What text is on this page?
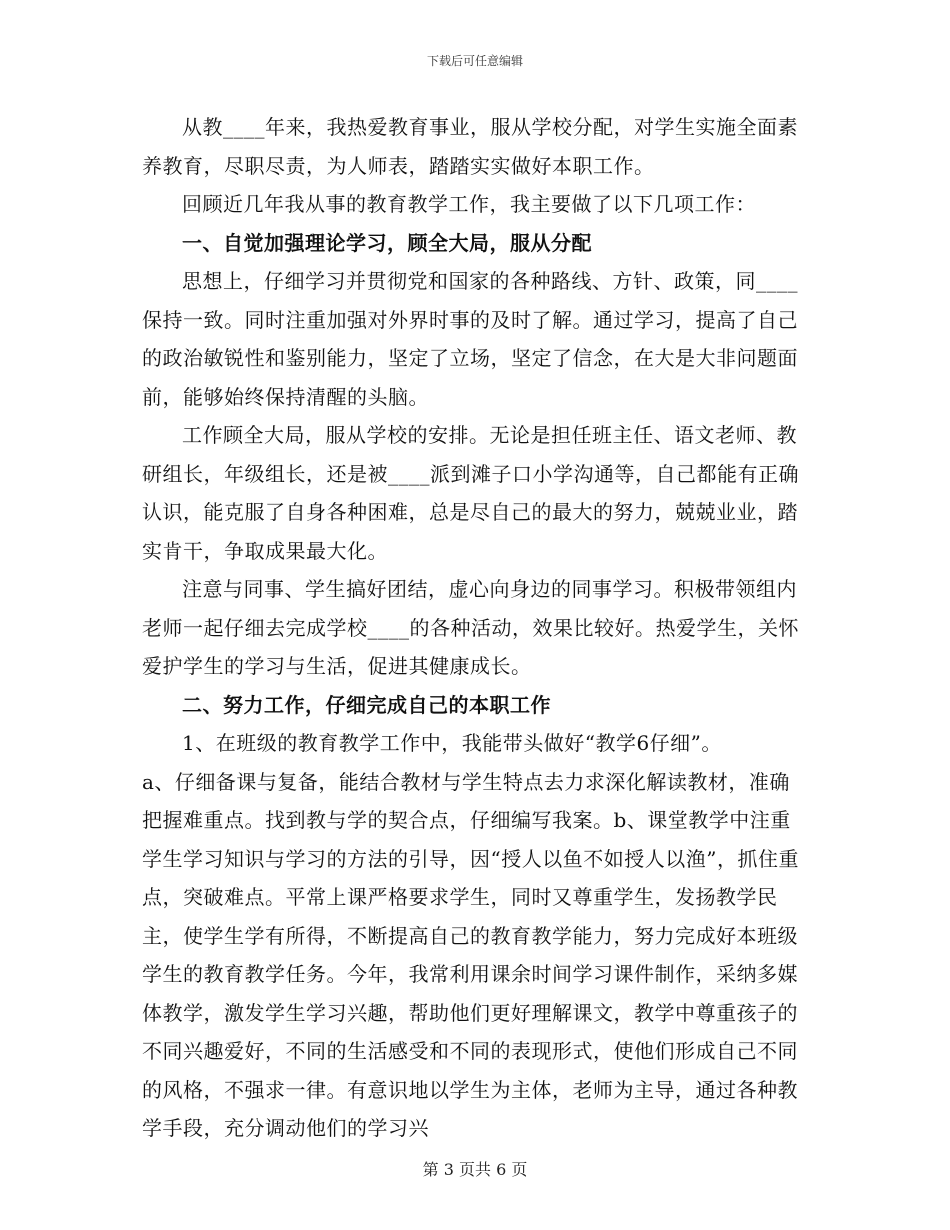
下载后可任意编辑

从教____年来，我热爱教育事业，服从学校分配，对学生实施全面素养教育，尽职尽责，为人师表，踏踏实实做好本职工作。

回顾近几年我从事的教育教学工作，我主要做了以下几项工作：

一、自觉加强理论学习，顾全大局，服从分配

思想上，仔细学习并贯彻党和国家的各种路线、方针、政策，同____保持一致。同时注重加强对外界时事的及时了解。通过学习，提高了自己的政治敏锐性和鉴别能力，坚定了立场，坚定了信念，在大是大非问题面前，能够始终保持清醒的头脑。

工作顾全大局，服从学校的安排。无论是担任班主任、语文老师、教研组长，年级组长，还是被____派到滩子口小学沟通等，自己都能有正确认识，能克服了自身各种困难，总是尽自己的最大的努力，兢兢业业，踏实肯干，争取成果最大化。

注意与同事、学生搞好团结，虚心向身边的同事学习。积极带领组内老师一起仔细去完成学校____的各种活动，效果比较好。热爱学生，关怀爱护学生的学习与生活，促进其健康成长。

二、努力工作，仔细完成自己的本职工作

1、在班级的教育教学工作中，我能带头做好“教学6仔细”。

a、仔细备课与复备，能结合教材与学生特点去力求深化解读教材，准确把握难重点。找到教与学的契合点，仔细编写我案。b、课堂教学中注重学生学习知识与学习的方法的引导，因“授人以鱼不如授人以渔”，抓住重点，突破难点。平常上课严格要求学生，同时又尊重学生，发扬教学民主，使学生学有所得，不断提高自己的教育教学能力，努力完成好本班级学生的教育教学任务。今年，我常利用课余时间学习课件制作，采纳多媒体教学，激发学生学习兴趣，帮助他们更好理解课文，教学中尊重孩子的不同兴趣爱好，不同的生活感受和不同的表现形式，使他们形成自己不同的风格，不强求一律。有意识地以学生为主体，老师为主导，通过各种教学手段，充分调动他们的学习兴

第 3 页共 6 页
